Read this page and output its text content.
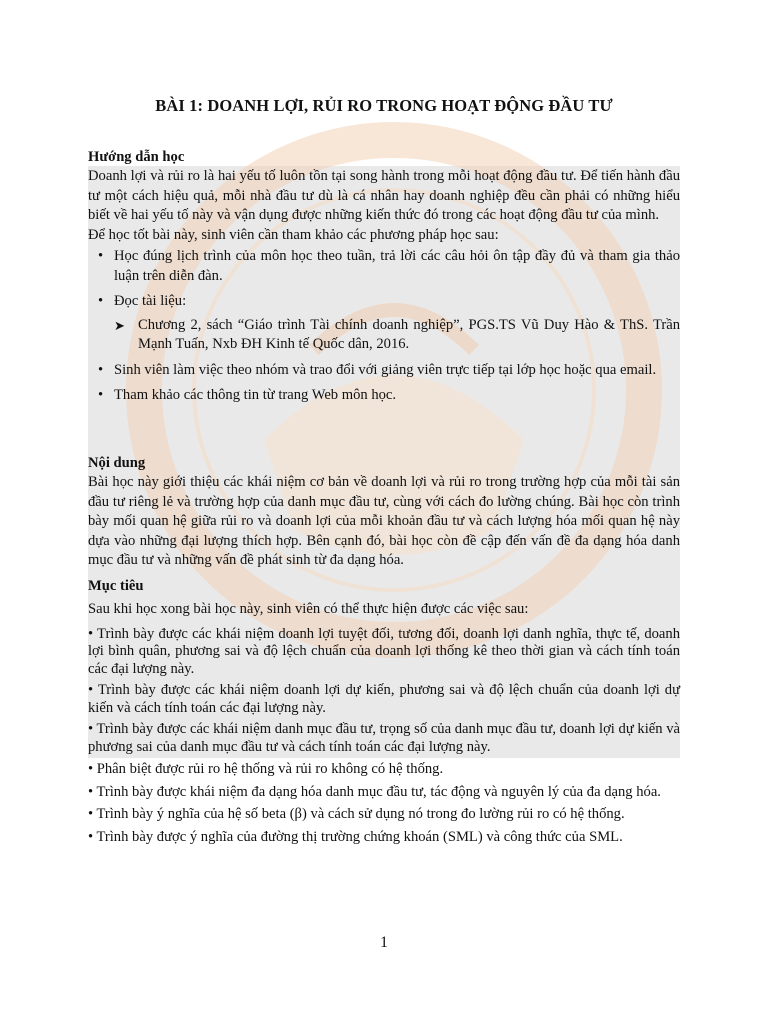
BÀI 1: DOANH LỢI, RỦI RO TRONG HOẠT ĐỘNG ĐẦU TƯ
Hướng dẫn học

Doanh lợi và rủi ro là hai yếu tố luôn tồn tại song hành trong mỗi hoạt động đầu tư. Để tiến hành đầu tư một cách hiệu quả, mỗi nhà đầu tư dù là cá nhân hay doanh nghiệp đều cần phải có những hiểu biết về hai yếu tố này và vận dụng được những kiến thức đó trong các hoạt động đầu tư của mình.

Để học tốt bài này, sinh viên cần tham khảo các phương pháp học sau:

• Học đúng lịch trình của môn học theo tuần, trả lời các câu hỏi ôn tập đầy đủ và tham gia thảo luận trên diễn đàn.
• Đọc tài liệu:
➤ Chương 2, sách “Giáo trình Tài chính doanh nghiệp”, PGS.TS Vũ Duy Hào & ThS. Trần Mạnh Tuấn, Nxb ĐH Kinh tế Quốc dân, 2016.
• Sinh viên làm việc theo nhóm và trao đổi với giảng viên trực tiếp tại lớp học hoặc qua email.
• Tham khảo các thông tin từ trang Web môn học.
Nội dung

Bài học này giới thiệu các khái niệm cơ bản về doanh lợi và rủi ro trong trường hợp của mỗi tài sản đầu tư riêng lẻ và trường hợp của danh mục đầu tư, cùng với cách đo lường chúng. Bài học còn trình bày mối quan hệ giữa rủi ro và doanh lợi của mỗi khoản đầu tư và cách lượng hóa mối quan hệ này dựa vào những đại lượng thích hợp. Bên cạnh đó, bài học còn đề cập đến vấn đề đa dạng hóa danh mục đầu tư và những vấn đề phát sinh từ đa dạng hóa.

Mục tiêu

Sau khi học xong bài học này, sinh viên có thể thực hiện được các việc sau:

• Trình bày được các khái niệm doanh lợi tuyệt đối, tương đối, doanh lợi danh nghĩa, thực tế, doanh lợi bình quân, phương sai và độ lệch chuẩn của doanh lợi thống kê theo thời gian và cách tính toán các đại lượng này.
• Trình bày được các khái niệm doanh lợi dự kiến, phương sai và độ lệch chuẩn của doanh lợi dự kiến và cách tính toán các đại lượng này.
• Trình bày được các khái niệm danh mục đầu tư, trọng số của danh mục đầu tư, doanh lợi dự kiến và phương sai của danh mục đầu tư và cách tính toán các đại lượng này.
• Phân biệt được rủi ro hệ thống và rủi ro không có hệ thống.
• Trình bày được khái niệm đa dạng hóa danh mục đầu tư, tác động và nguyên lý của đa dạng hóa.
• Trình bày ý nghĩa của hệ số beta (β) và cách sử dụng nó trong đo lường rủi ro có hệ thống.
• Trình bày được ý nghĩa của đường thị trường chứng khoán (SML) và công thức của SML.
1
